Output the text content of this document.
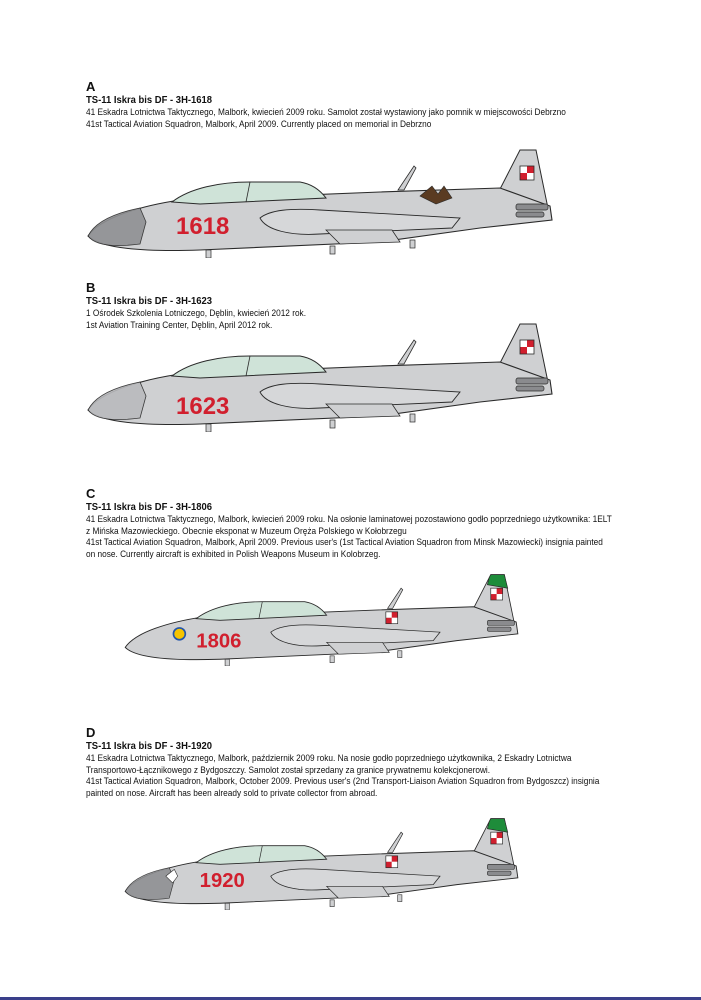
A

TS-11 Iskra bis DF - 3H-1618

41 Eskadra Lotnictwa Taktycznego, Malbork, kwiecień 2009 roku. Samolot został wystawiony jako pomnik w miejscowości Debrzno

41st Tactical Aviation Squadron, Malbork, April 2009. Currently placed on memorial in Debrzno

1618

B

TS-11 Iskra bis DF - 3H-1623

1 Ośrodek Szkolenia Lotniczego, Dęblin, kwiecień 2012 rok.

1st Aviation Training Center, Dęblin, April 2012 rok.

1623

C

TS-11 Iskra bis DF - 3H-1806

41 Eskadra Lotnictwa Taktycznego, Malbork, kwiecień 2009 roku. Na osłonie laminatowej pozostawiono godło poprzedniego użytkownika: 1ELT

z Mińska Mazowieckiego. Obecnie eksponat w Muzeum Oręża Polskiego w Kołobrzegu

41st Tactical Aviation Squadron, Malbork, April 2009. Previous user's (1st Tactical Aviation Squadron from Minsk Mazowiecki) insignia painted

on nose. Currently aircraft is exhibited in Polish Weapons Museum in Kolobrzeg.

1806

D

TS-11 Iskra bis DF - 3H-1920

41 Eskadra Lotnictwa Taktycznego, Malbork, październik 2009 roku. Na nosie godło poprzedniego użytkownika, 2 Eskadry Lotnictwa

Transportowo-Łącznikowego z Bydgoszczy. Samolot został sprzedany za granice prywatnemu kolekcjonerowi.

41st Tactical Aviation Squadron, Malbork, October 2009. Previous user's (2nd Transport-Liaison Aviation Squadron from Bydgoszcz) insignia

painted on nose. Aircraft has been already sold to private collector from abroad.

1920
